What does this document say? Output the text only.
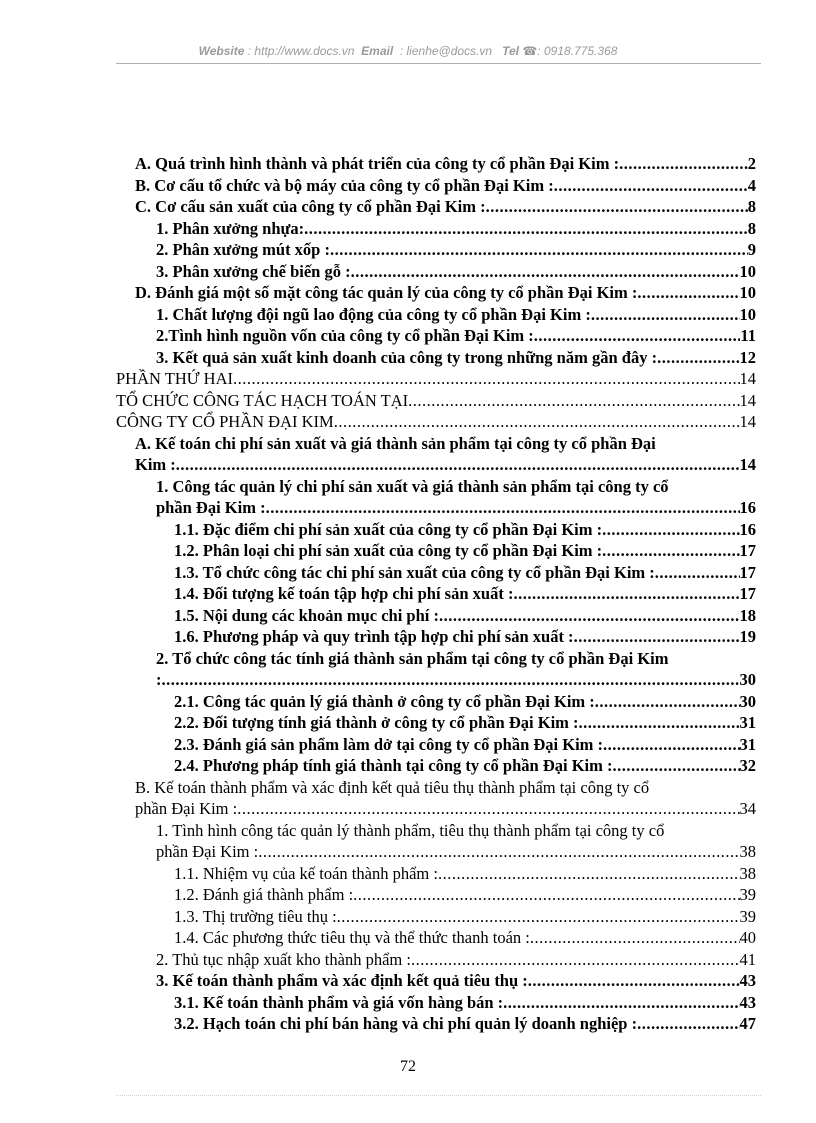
Website : http://www.docs.vn Email : lienhe@docs.vn Tel ☎: 0918.775.368
A. Quá trình hình thành và phát triển của công ty cổ phần Đại Kim : .....	2
B. Cơ cấu tổ chức và bộ máy của công ty cổ phần Đại Kim : .....	4
C. Cơ cấu sản xuất của công ty cổ phần Đại Kim : .....	8
1. Phân xưởng nhựa: .....	8
2. Phân xưởng mút xốp : .....	9
3. Phân xưởng chế biến gỗ : .....	10
D. Đánh giá một số mặt công tác quản lý của công ty cổ phần Đại Kim : .....	10
1. Chất lượng đội ngũ lao động của công ty cổ phần Đại Kim : .....	10
2.Tình hình nguồn vốn của công ty cổ phần Đại Kim : .....	11
3. Kết quả sản xuất kinh doanh của công ty trong những năm gần đây : .....	12
PHẦN THỨ HAI .....	14
TỔ CHỨC CÔNG TÁC HẠCH TOÁN TẠI .....	14
CÔNG TY CỔ PHẦN ĐẠI KIM .....	14
A. Kế toán chi phí sản xuất và giá thành sản phẩm tại công ty cổ phần Đại
Kim : .....	14
1. Công tác quản lý chi phí sản xuất và giá thành sản phẩm tại công ty cổ
phần Đại Kim : .....	16
1.1. Đặc điểm chi phí sản xuất của công ty cổ phần Đại Kim : .....	16
1.2. Phân loại chi phí sản xuất của công ty cổ phần Đại Kim : .....	17
1.3. Tổ chức công tác chi phí sản xuất của công ty cổ phần Đại Kim : .....	17
1.4. Đối tượng kế toán tập hợp chi phí sản xuất : .....	17
1.5. Nội dung các khoản mục chi phí : .....	18
1.6. Phương pháp và quy trình tập hợp chi phí sản xuất : .....	19
2. Tổ chức công tác tính giá thành sản phẩm tại công ty cổ phần Đại Kim
: .....	30
2.1. Công tác quản lý giá thành ở công ty cổ phần Đại Kim : .....	30
2.2. Đối tượng tính giá thành ở công ty cổ phần Đại Kim : .....	31
2.3. Đánh giá sản phẩm làm dở tại công ty cổ phần Đại Kim : .....	31
2.4. Phương pháp tính giá thành tại công ty cổ phần Đại Kim : .....	32
B. Kế toán thành phẩm và xác định kết quả tiêu thụ thành phẩm tại công ty cổ
phần Đại Kim : .....	34
1. Tình hình công tác quản lý thành phẩm, tiêu thụ thành phẩm tại công ty cổ
phần Đại Kim : .....	38
1.1. Nhiệm vụ của kế toán thành phẩm : .....	38
1.2. Đánh giá thành phẩm : .....	39
1.3. Thị trường tiêu thụ : .....	39
1.4. Các phương thức tiêu thụ và thể thức thanh toán : .....	40
2. Thủ tục nhập xuất kho thành phẩm : .....	41
3. Kế toán thành phẩm và xác định kết quả tiêu thụ : .....	43
3.1. Kế toán thành phẩm và giá vốn hàng bán : .....	43
3.2. Hạch toán chi phí bán hàng và chi phí quản lý doanh nghiệp : .....	47
72
